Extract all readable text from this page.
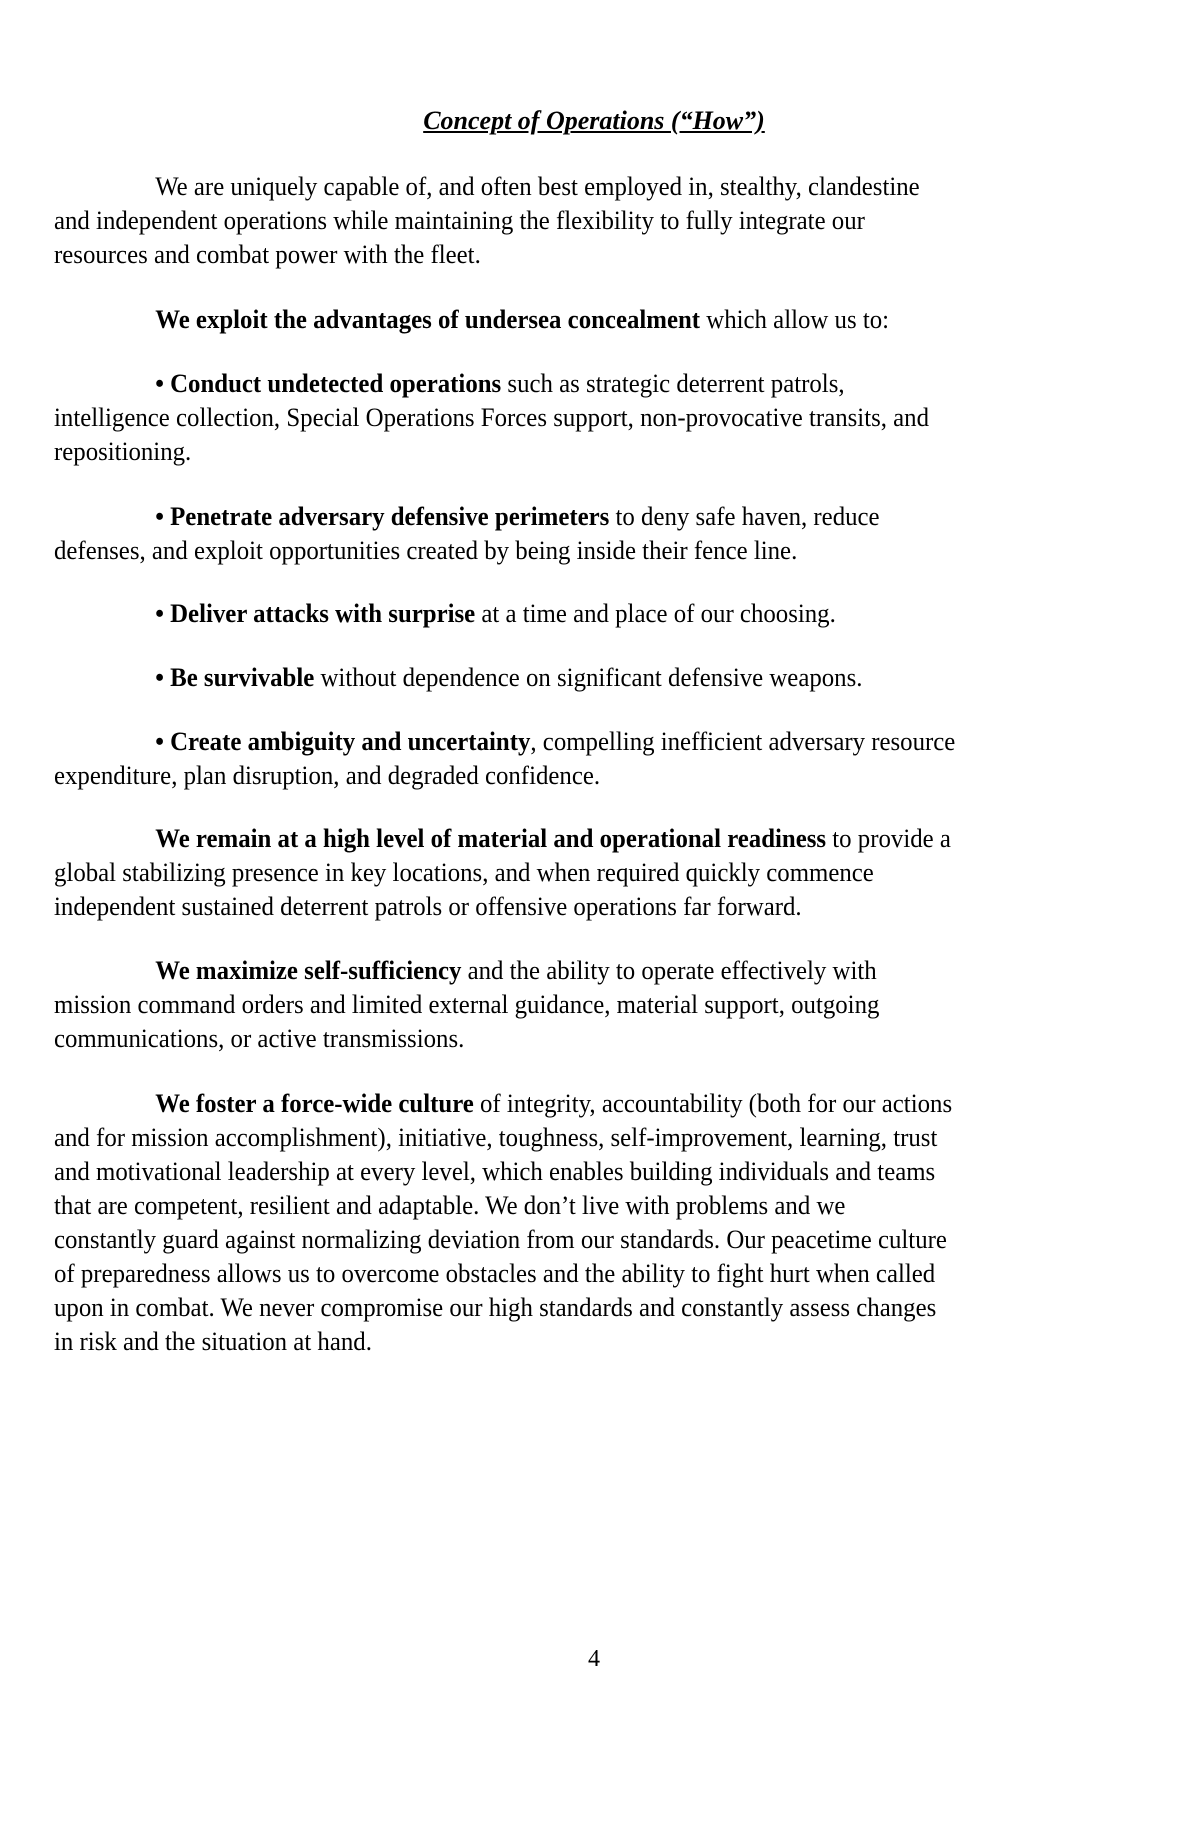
Concept of Operations (“How”)
We are uniquely capable of, and often best employed in, stealthy, clandestine
and independent operations while maintaining the flexibility to fully integrate our
resources and combat power with the fleet.
We exploit the advantages of undersea concealment which allow us to:
• Conduct undetected operations such as strategic deterrent patrols,
intelligence collection, Special Operations Forces support, non-provocative transits, and
repositioning.
• Penetrate adversary defensive perimeters to deny safe haven, reduce
defenses, and exploit opportunities created by being inside their fence line.
• Deliver attacks with surprise at a time and place of our choosing.
• Be survivable without dependence on significant defensive weapons.
• Create ambiguity and uncertainty, compelling inefficient adversary resource
expenditure, plan disruption, and degraded confidence.
We remain at a high level of material and operational readiness to provide a
global stabilizing presence in key locations, and when required quickly commence
independent sustained deterrent patrols or offensive operations far forward.
We maximize self-sufficiency and the ability to operate effectively with
mission command orders and limited external guidance, material support, outgoing
communications, or active transmissions.
We foster a force-wide culture of integrity, accountability (both for our actions
and for mission accomplishment), initiative, toughness, self-improvement, learning, trust
and motivational leadership at every level, which enables building individuals and teams
that are competent, resilient and adaptable. We don’t live with problems and we
constantly guard against normalizing deviation from our standards. Our peacetime culture
of preparedness allows us to overcome obstacles and the ability to fight hurt when called
upon in combat. We never compromise our high standards and constantly assess changes
in risk and the situation at hand.
4
